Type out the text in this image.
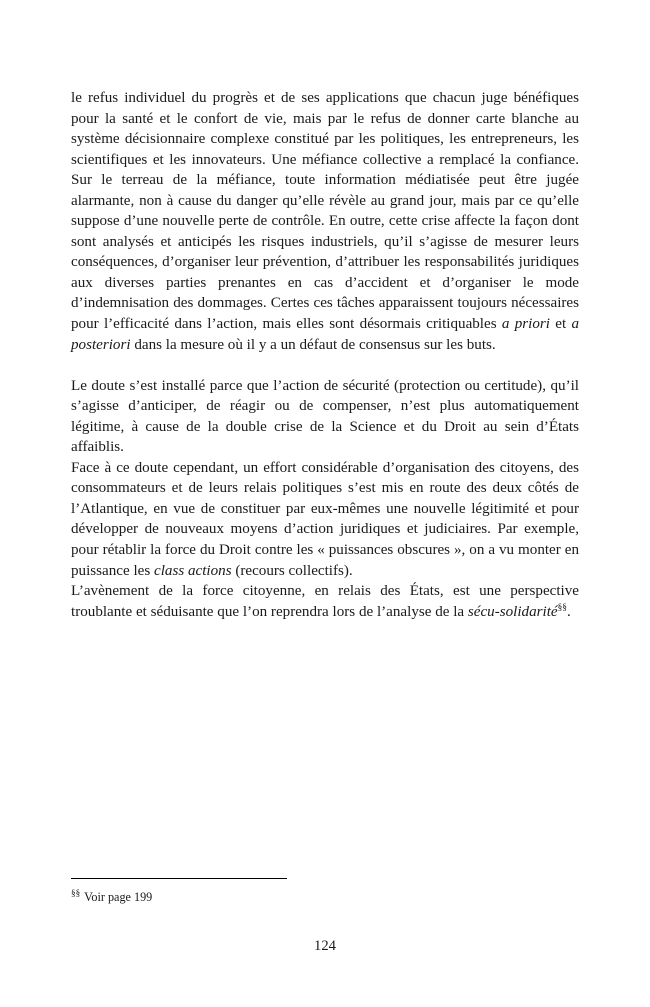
le refus individuel du progrès et de ses applications que chacun juge bénéfiques pour la santé et le confort de vie, mais par le refus de donner carte blanche au système décisionnaire complexe constitué par les politiques, les entrepreneurs, les scientifiques et les innovateurs. Une méfiance collective a remplacé la confiance. Sur le terreau de la méfiance, toute information médiatisée peut être jugée alarmante, non à cause du danger qu’elle révèle au grand jour, mais par ce qu’elle suppose d’une nouvelle perte de contrôle. En outre, cette crise affecte la façon dont sont analysés et anticipés les risques industriels, qu’il s’agisse de mesurer leurs conséquences, d’organiser leur prévention, d’attribuer les responsabilités juridiques aux diverses parties prenantes en cas d’accident et d’organiser le mode d’indemnisation des dommages. Certes ces tâches apparaissent toujours nécessaires pour l’efficacité dans l’action, mais elles sont désormais critiquables a priori et a posteriori dans la mesure où il y a un défaut de consensus sur les buts.

Le doute s’est installé parce que l’action de sécurité (protection ou certitude), qu’il s’agisse d’anticiper, de réagir ou de compenser, n’est plus automatiquement légitime, à cause de la double crise de la Science et du Droit au sein d’États affaiblis.

Face à ce doute cependant, un effort considérable d’organisation des citoyens, des consommateurs et de leurs relais politiques s’est mis en route des deux côtés de l’Atlantique, en vue de constituer par eux-mêmes une nouvelle légitimité et pour développer de nouveaux moyens d’action juridiques et judiciaires. Par exemple, pour rétablir la force du Droit contre les « puissances obscures », on a vu monter en puissance les class actions (recours collectifs).

L’avènement de la force citoyenne, en relais des États, est une perspective troublante et séduisante que l’on reprendra lors de l’analyse de la sécu-solidarité§§.

§§ Voir page 199

124
